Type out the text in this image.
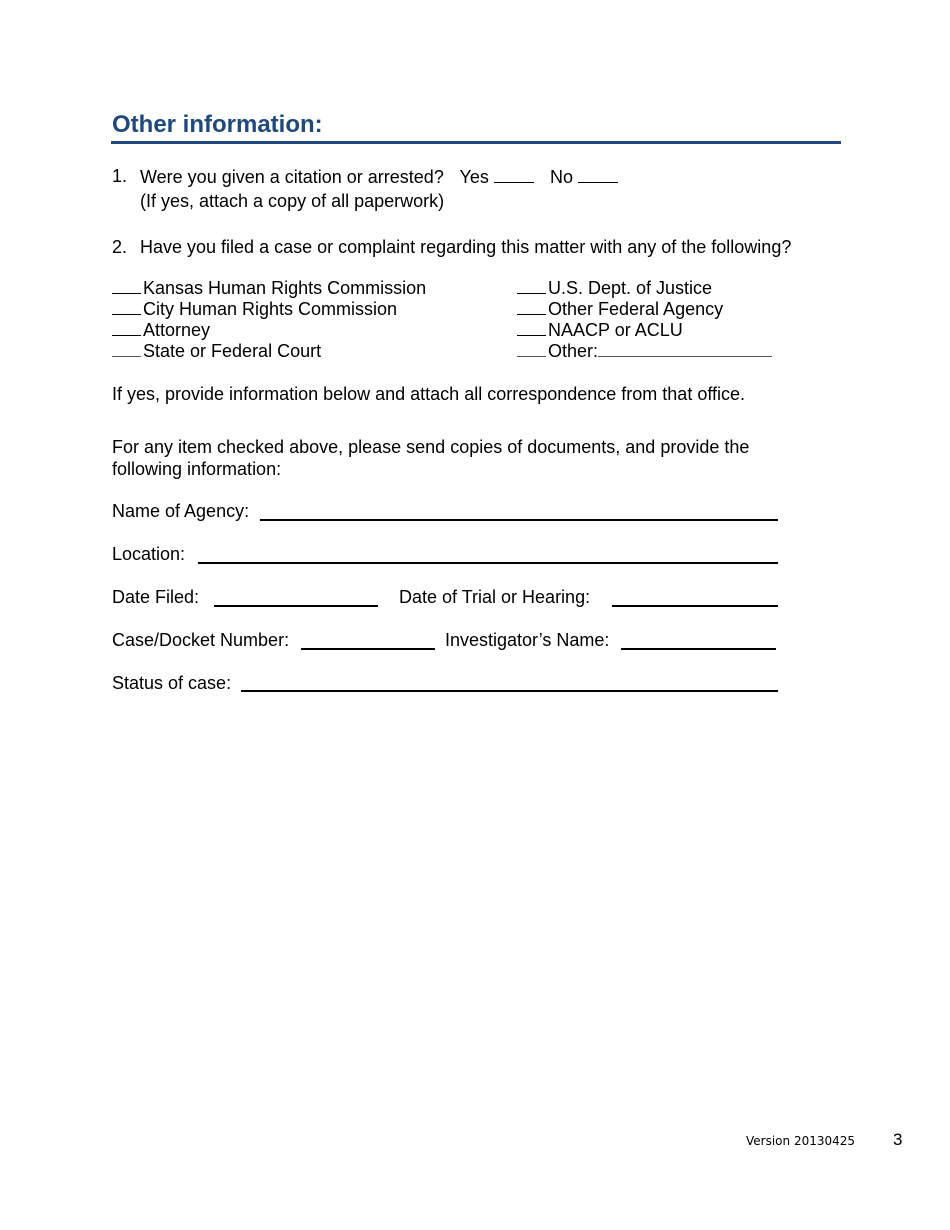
Other information:
1. Were you given a citation or arrested? Yes	No
(If yes, attach a copy of all paperwork)
2. Have you filed a case or complaint regarding this matter with any of the following?
Kansas Human Rights Commission
City Human Rights Commission
Attorney
State or Federal Court
U.S. Dept. of Justice
Other Federal Agency
NAACP or ACLU
Other:
If yes, provide information below and attach all correspondence from that office.
For any item checked above, please send copies of documents, and provide the
following information:
Name of Agency:
Location:
Date Filed:	Date of Trial or Hearing:
Case/Docket Number:	Investigator’s Name:
Status of case:
Version 20130425 3
